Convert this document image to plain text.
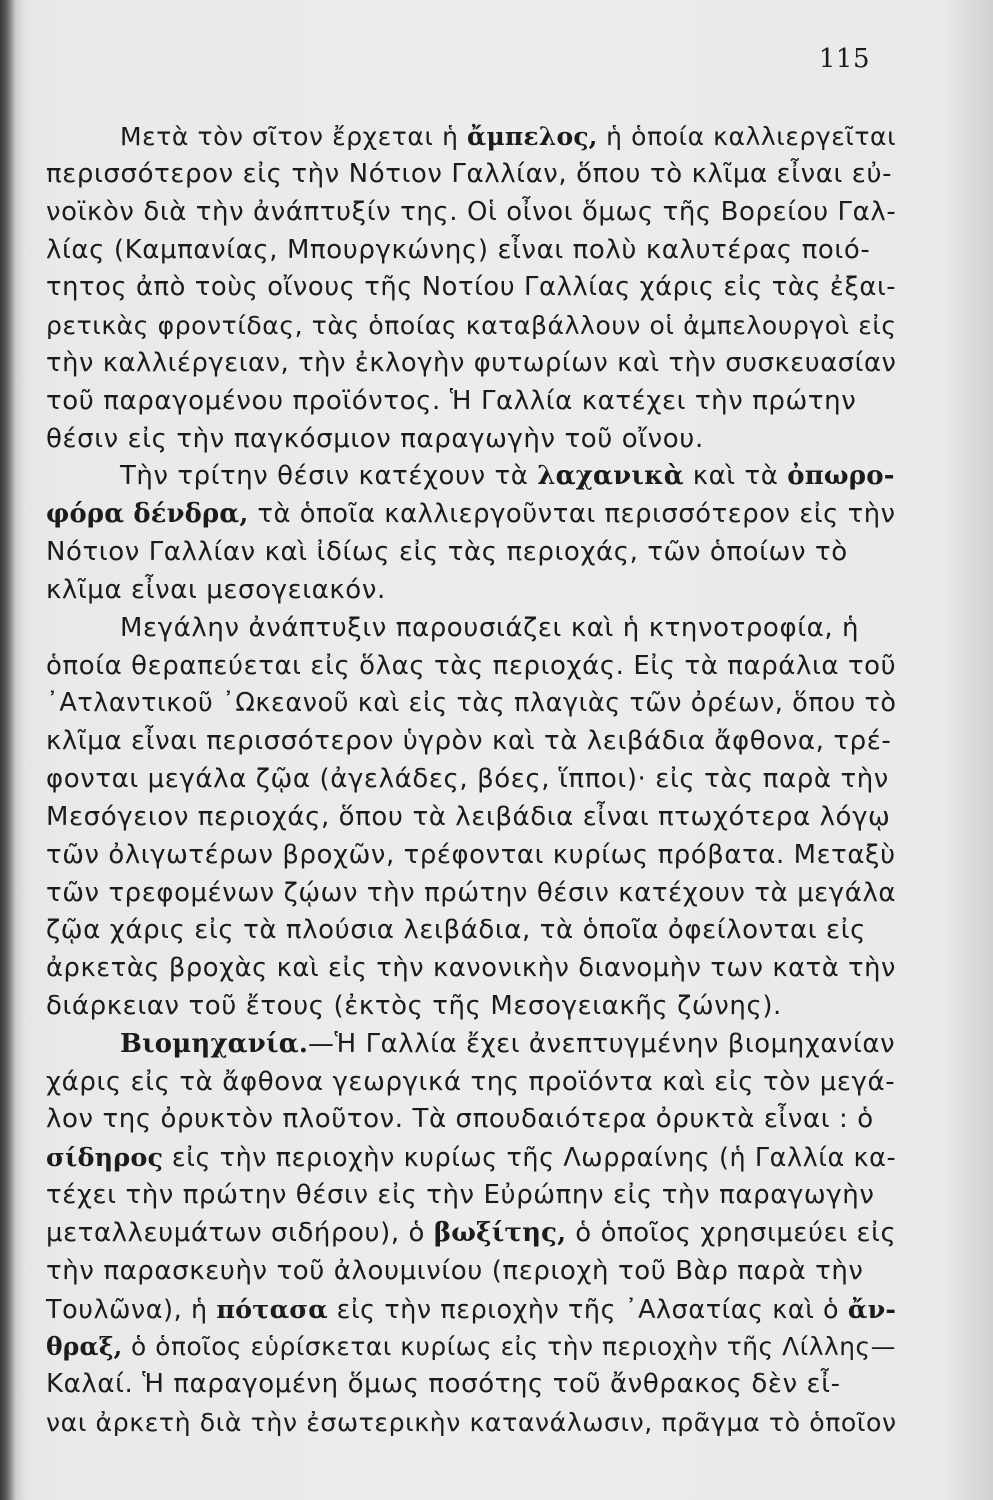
115
Μετὰ τὸν σῖτον ἔρχεται ἡ ἄμπελος, ἡ ὁποία καλλιεργεῖται
περισσότερον εἰς τὴν Νότιον Γαλλίαν, ὅπου τὸ κλῖμα εἶναι εὐ-
νοϊκὸν διὰ τὴν ἀνάπτυξίν της. Οἱ οἶνοι ὅμως τῆς Βορείου Γαλ-
λίας (Καμπανίας, Μπουργκώνης) εἶναι πολὺ καλυτέρας ποιό-
τητος ἀπὸ τοὺς οἴνους τῆς Νοτίου Γαλλίας χάρις εἰς τὰς ἐξαι-
ρετικὰς φροντίδας, τὰς ὁποίας καταβάλλουν οἱ ἀμπελουργοὶ εἰς
τὴν καλλιέργειαν, τὴν ἐκλογὴν φυτωρίων καὶ τὴν συσκευασίαν
τοῦ παραγομένου προϊόντος. Ἡ Γαλλία κατέχει τὴν πρώτην
θέσιν εἰς τὴν παγκόσμιον παραγωγὴν τοῦ οἴνου.
Τὴν τρίτην θέσιν κατέχουν τὰ λαχανικὰ καὶ τὰ ὀπωρο-
φόρα δένδρα, τὰ ὁποῖα καλλιεργοῦνται περισσότερον εἰς τὴν
Νότιον Γαλλίαν καὶ ἰδίως εἰς τὰς περιοχάς, τῶν ὁποίων τὸ
κλῖμα εἶναι μεσογειακόν.
Μεγάλην ἀνάπτυξιν παρουσιάζει καὶ ἡ κτηνοτροφία, ἡ
ὁποία θεραπεύεται εἰς ὅλας τὰς περιοχάς. Εἰς τὰ παράλια τοῦ
᾿Ατλαντικοῦ ᾿Ωκεανοῦ καὶ εἰς τὰς πλαγιὰς τῶν ὀρέων, ὅπου τὸ
κλῖμα εἶναι περισσότερον ὑγρὸν καὶ τὰ λειβάδια ἄφθονα, τρέ-
φονται μεγάλα ζῷα (ἀγελάδες, βόες, ἵπποι)· εἰς τὰς παρὰ τὴν
Μεσόγειον περιοχάς, ὅπου τὰ λειβάδια εἶναι πτωχότερα λόγῳ
τῶν ὀλιγωτέρων βροχῶν, τρέφονται κυρίως πρόβατα. Μεταξὺ
τῶν τρεφομένων ζῴων τὴν πρώτην θέσιν κατέχουν τὰ μεγάλα
ζῷα χάρις εἰς τὰ πλούσια λειβάδια, τὰ ὁποῖα ὀφείλονται εἰς
ἀρκετὰς βροχὰς καὶ εἰς τὴν κανονικὴν διανομὴν των κατὰ τὴν
διάρκειαν τοῦ ἔτους (ἐκτὸς τῆς Μεσογειακῆς ζώνης).
Βιομηχανία.—Ἡ Γαλλία ἔχει ἀνεπτυγμένην βιομηχανίαν
χάρις εἰς τὰ ἄφθονα γεωργικά της προϊόντα καὶ εἰς τὸν μεγά-
λον της ὀρυκτὸν πλοῦτον. Τὰ σπουδαιότερα ὀρυκτὰ εἶναι : ὁ
σίδηρος εἰς τὴν περιοχὴν κυρίως τῆς Λωρραίνης (ἡ Γαλλία κα-
τέχει τὴν πρώτην θέσιν εἰς τὴν Εὐρώπην εἰς τὴν παραγωγὴν
μεταλλευμάτων σιδήρου), ὁ βωξίτης, ὁ ὁποῖος χρησιμεύει εἰς
τὴν παρασκευὴν τοῦ ἀλουμινίου (περιοχὴ τοῦ Βὰρ παρὰ τὴν
Τουλῶνα), ἡ πότασα εἰς τὴν περιοχὴν τῆς ᾿Αλσατίας καὶ ὁ ἄν-
θραξ, ὁ ὁποῖος εὑρίσκεται κυρίως εἰς τὴν περιοχὴν τῆς Λίλλης—
Καλαί. Ἡ παραγομένη ὅμως ποσότης τοῦ ἄνθρακος δὲν εἶ-
ναι ἀρκετὴ διὰ τὴν ἐσωτερικὴν κατανάλωσιν, πρᾶγμα τὸ ὁποῖον
